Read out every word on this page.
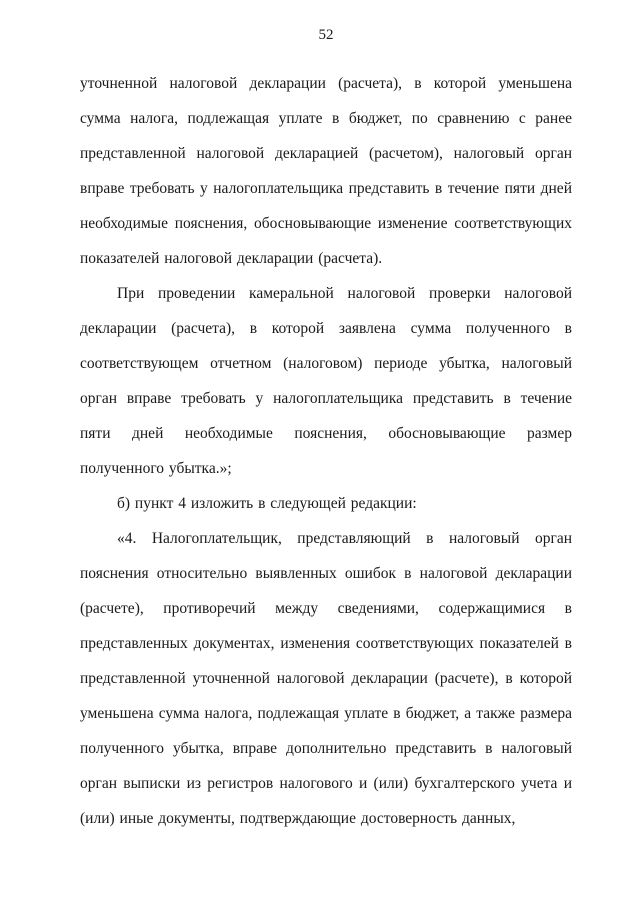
52

уточненной налоговой декларации (расчета), в которой уменьшена сумма налога, подлежащая уплате в бюджет, по сравнению с ранее представленной налоговой декларацией (расчетом), налоговый орган вправе требовать у налогоплательщика представить в течение пяти дней необходимые пояснения, обосновывающие изменение соответствующих показателей налоговой декларации (расчета).

При проведении камеральной налоговой проверки налоговой декларации (расчета), в которой заявлена сумма полученного в соответствующем отчетном (налоговом) периоде убытка, налоговый орган вправе требовать у налогоплательщика представить в течение пяти дней необходимые пояснения, обосновывающие размер полученного убытка.»;

б) пункт 4 изложить в следующей редакции:

«4. Налогоплательщик, представляющий в налоговый орган пояснения относительно выявленных ошибок в налоговой декларации (расчете), противоречий между сведениями, содержащимися в представленных документах, изменения соответствующих показателей в представленной уточненной налоговой декларации (расчете), в которой уменьшена сумма налога, подлежащая уплате в бюджет, а также размера полученного убытка, вправе дополнительно представить в налоговый орган выписки из регистров налогового и (или) бухгалтерского учета и (или) иные документы, подтверждающие достоверность данных,
